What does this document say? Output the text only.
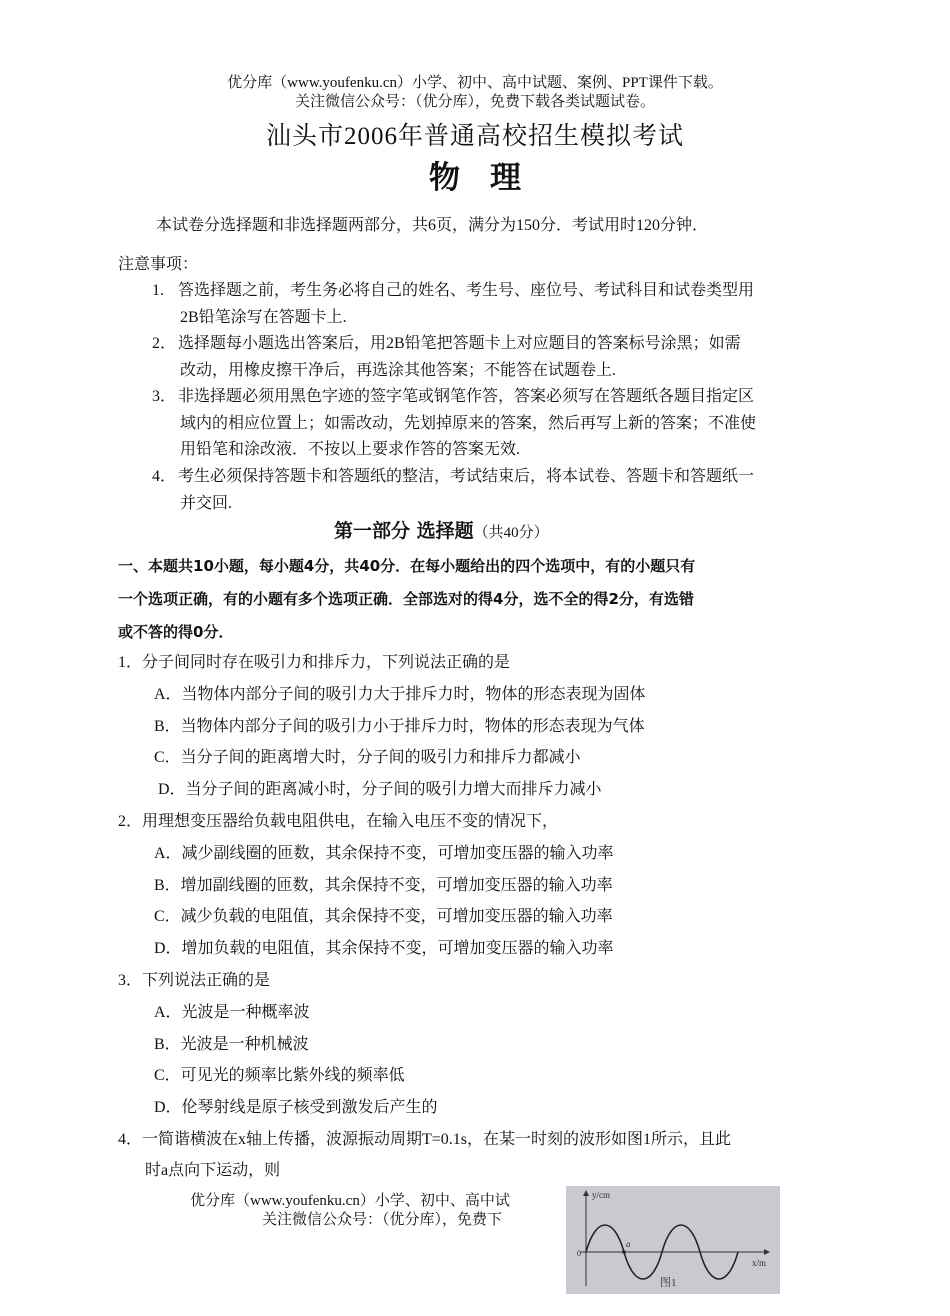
优分库（www.youfenku.cn）小学、初中、高中试题、案例、PPT课件下载。
关注微信公众号：（优分库），免费下载各类试题试卷。
汕头市2006年普通高校招生模拟考试
物理
本试卷分选择题和非选择题两部分，共6页，满分为150分．考试用时120分钟．
注意事项：
1. 答选择题之前，考生务必将自己的姓名、考生号、座位号、考试科目和试卷类型用
2B铅笔涂写在答题卡上.
2． 选择题每小题选出答案后，用2B铅笔把答题卡上对应题目的答案标号涂黑；如需
改动，用橡皮擦干净后，再选涂其他答案；不能答在试题卷上.
3． 非选择题必须用黑色字迹的签字笔或钢笔作答，答案必须写在答题纸各题目指定区
域内的相应位置上；如需改动，先划掉原来的答案，然后再写上新的答案；不准使
用铅笔和涂改液．不按以上要求作答的答案无效.
4． 考生必须保持答题卡和答题纸的整洁，考试结束后，将本试卷、答题卡和答题纸一
并交回.
第一部分 选择题（共40分）
一、本题共10小题，每小题4分，共40分．在每小题给出的四个选项中，有的小题只有
一个选项正确，有的小题有多个选项正确．全部选对的得4分，选不全的得2分，有选错
或不答的得0分．
1．分子间同时存在吸引力和排斥力，下列说法正确的是
A．当物体内部分子间的吸引力大于排斥力时，物体的形态表现为固体
B．当物体内部分子间的吸引力小于排斥力时，物体的形态表现为气体
C．当分子间的距离增大时，分子间的吸引力和排斥力都减小
D．当分子间的距离减小时，分子间的吸引力增大而排斥力减小
2．用理想变压器给负载电阻供电，在输入电压不变的情况下，
A．减少副线圈的匝数，其余保持不变，可增加变压器的输入功率
B．增加副线圈的匝数，其余保持不变，可增加变压器的输入功率
C．减少负载的电阻值，其余保持不变，可增加变压器的输入功率
D．增加负载的电阻值，其余保持不变，可增加变压器的输入功率
3．下列说法正确的是
A．光波是一种概率波
B．光波是一种机械波
C．可见光的频率比紫外线的频率低
D．伦琴射线是原子核受到激发后产生的
4．一简谐横波在x轴上传播，波源振动周期T=0.1s，在某一时刻的波形如图1所示，且此
时a点向下运动，则
优分库（www.youfenku.cn）小学、初中、高中试
关注微信公众号：（优分库），免费下
y/cm
x/m
0
a
图1
